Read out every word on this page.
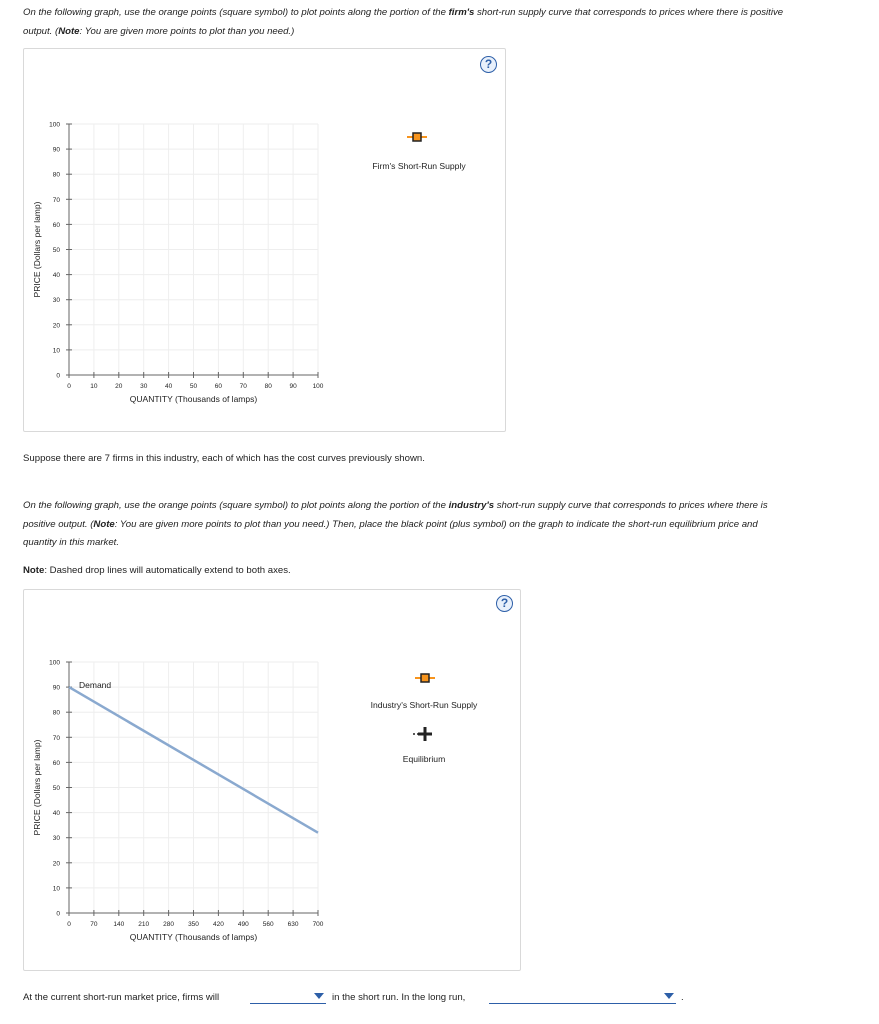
On the following graph, use the orange points (square symbol) to plot points along the portion of the firm's short-run supply curve that corresponds to prices where there is positive output. (Note: You are given more points to plot than you need.)
?
0
10
20
30
40
50
60
70
80
90
100
0	10	20	30	40	50	60	70	80	90 100
QUANTITY (Thousands of lamps)
PRICE (Dollars per lamp)
Firm's Short-Run Supply
Suppose there are 7 firms in this industry, each of which has the cost curves previously shown.
On the following graph, use the orange points (square symbol) to plot points along the portion of the industry's short-run supply curve that corresponds to prices where there is positive output. (Note: You are given more points to plot than you need.) Then, place the black point (plus symbol) on the graph to indicate the short-run equilibrium price and quantity in this market.
Note: Dashed drop lines will automatically extend to both axes.
?
0
10
20
30
40
50
60
70
80
90
100
0	70 140 210 280 350 420 490 560 630 700
QUANTITY (Thousands of lamps)
PRICE (Dollars per lamp)
Demand
Industry's Short-Run Supply
Equilibrium
At the current short-run market price, firms will	in the short run. In the long run,	.
